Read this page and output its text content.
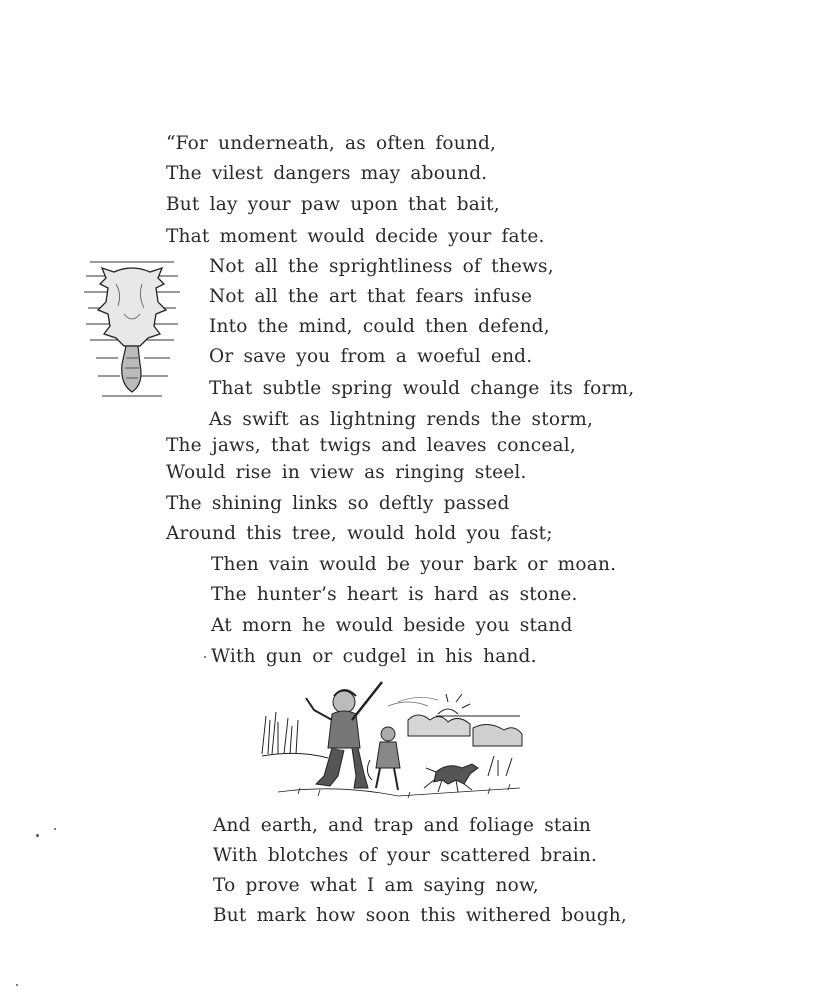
“For underneath, as often found,
The vilest dangers may abound.
But lay your paw upon that bait,
That moment would decide your fate.
Not all the sprightliness of thews,
Not all the art that fears infuse
Into the mind, could then defend,
Or save you from a woeful end.
That subtle spring would change its form,
As swift as lightning rends the storm,
The jaws, that twigs and leaves conceal,
Would rise in view as ringing steel.
The shining links so deftly passed
Around this tree, would hold you fast;
Then vain would be your bark or moan.
The hunter’s heart is hard as stone.
At morn he would beside you stand
With gun or cudgel in his hand.
And earth, and trap and foliage stain
With blotches of your scattered brain.
To prove what I am saying now,
But mark how soon this withered bough,
